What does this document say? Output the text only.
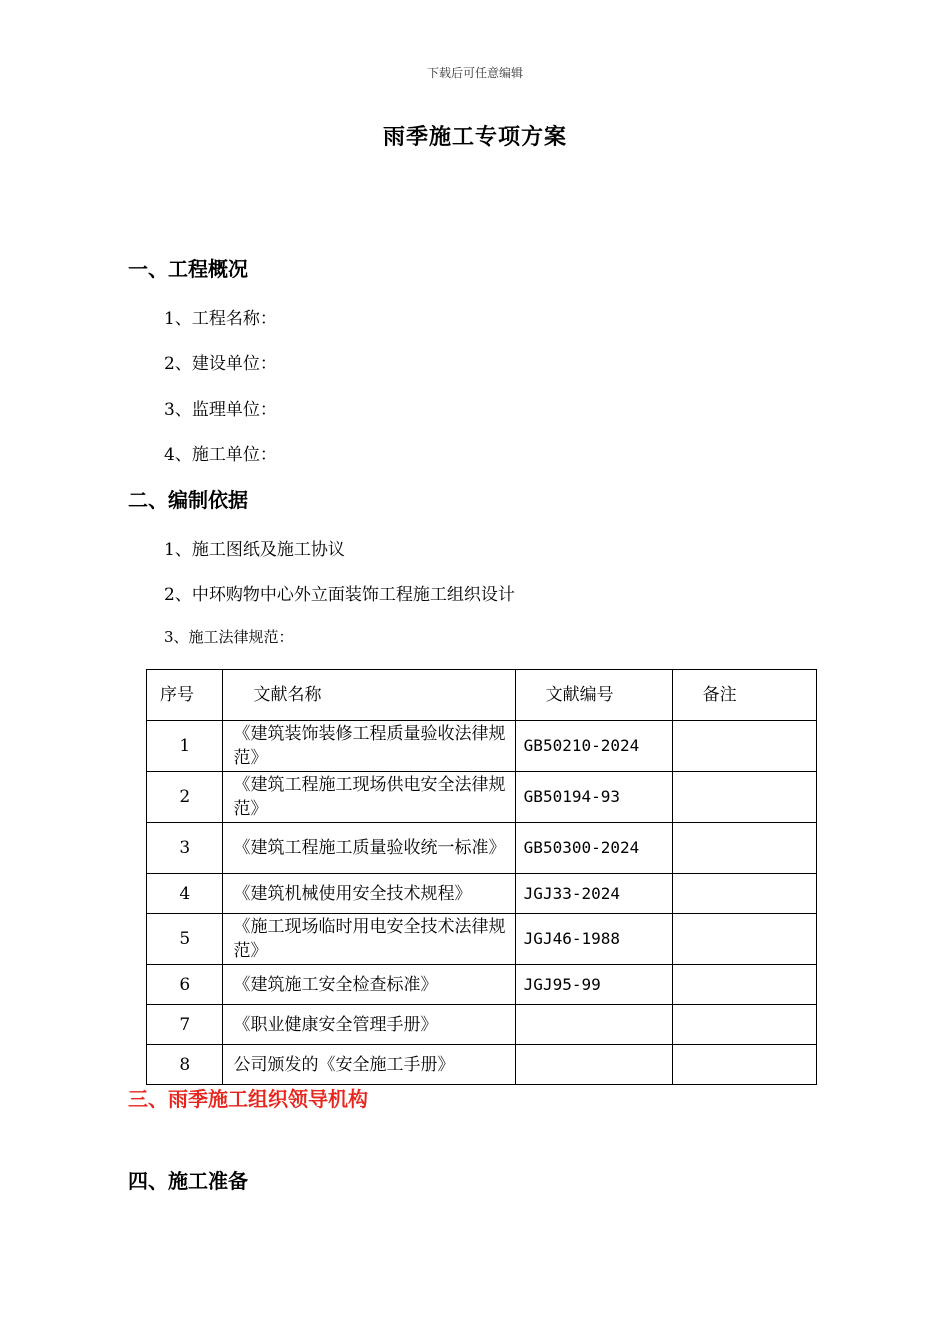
下载后可任意编辑
雨季施工专项方案
一、工程概况
1、工程名称：
2、建设单位：
3、监理单位：
4、施工单位：
二、编制依据
1、施工图纸及施工协议
2、中环购物中心外立面装饰工程施工组织设计
3、施工法律规范：
序号	文献名称	文献编号	备注
1	《建筑装饰装修工程质量验收法律规范》	GB50210-2024	
2	《建筑工程施工现场供电安全法律规范》	GB50194-93	
3	《建筑工程施工质量验收统一标准》	GB50300-2024	
4	《建筑机械使用安全技术规程》	JGJ33-2024	
5	《施工现场临时用电安全技术法律规范》	JGJ46-1988	
6	《建筑施工安全检查标准》	JGJ95-99	
7	《职业健康安全管理手册》		
8	公司颁发的《安全施工手册》		
三、雨季施工组织领导机构
四、施工准备
